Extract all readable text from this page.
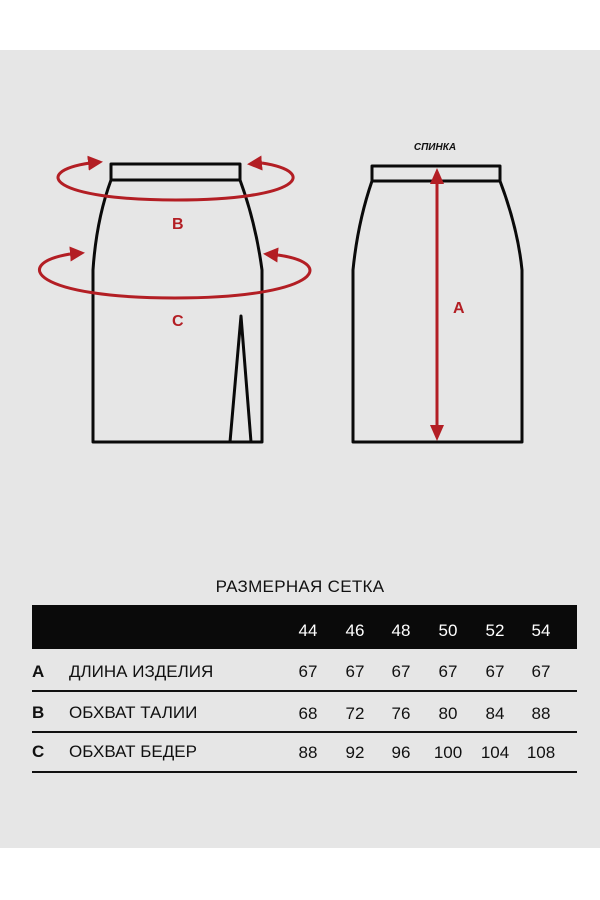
СПИНКА
B
C
A
РАЗМЕРНАЯ СЕТКА
44	46	48	50	52	54
A ДЛИНА ИЗДЕЛИЯ	67	67	67	67	67	67
B ОБХВАТ ТАЛИИ	68	72	76	80	84	88
C ОБХВАТ БЕДЕР	88	92	96	100	104	108
